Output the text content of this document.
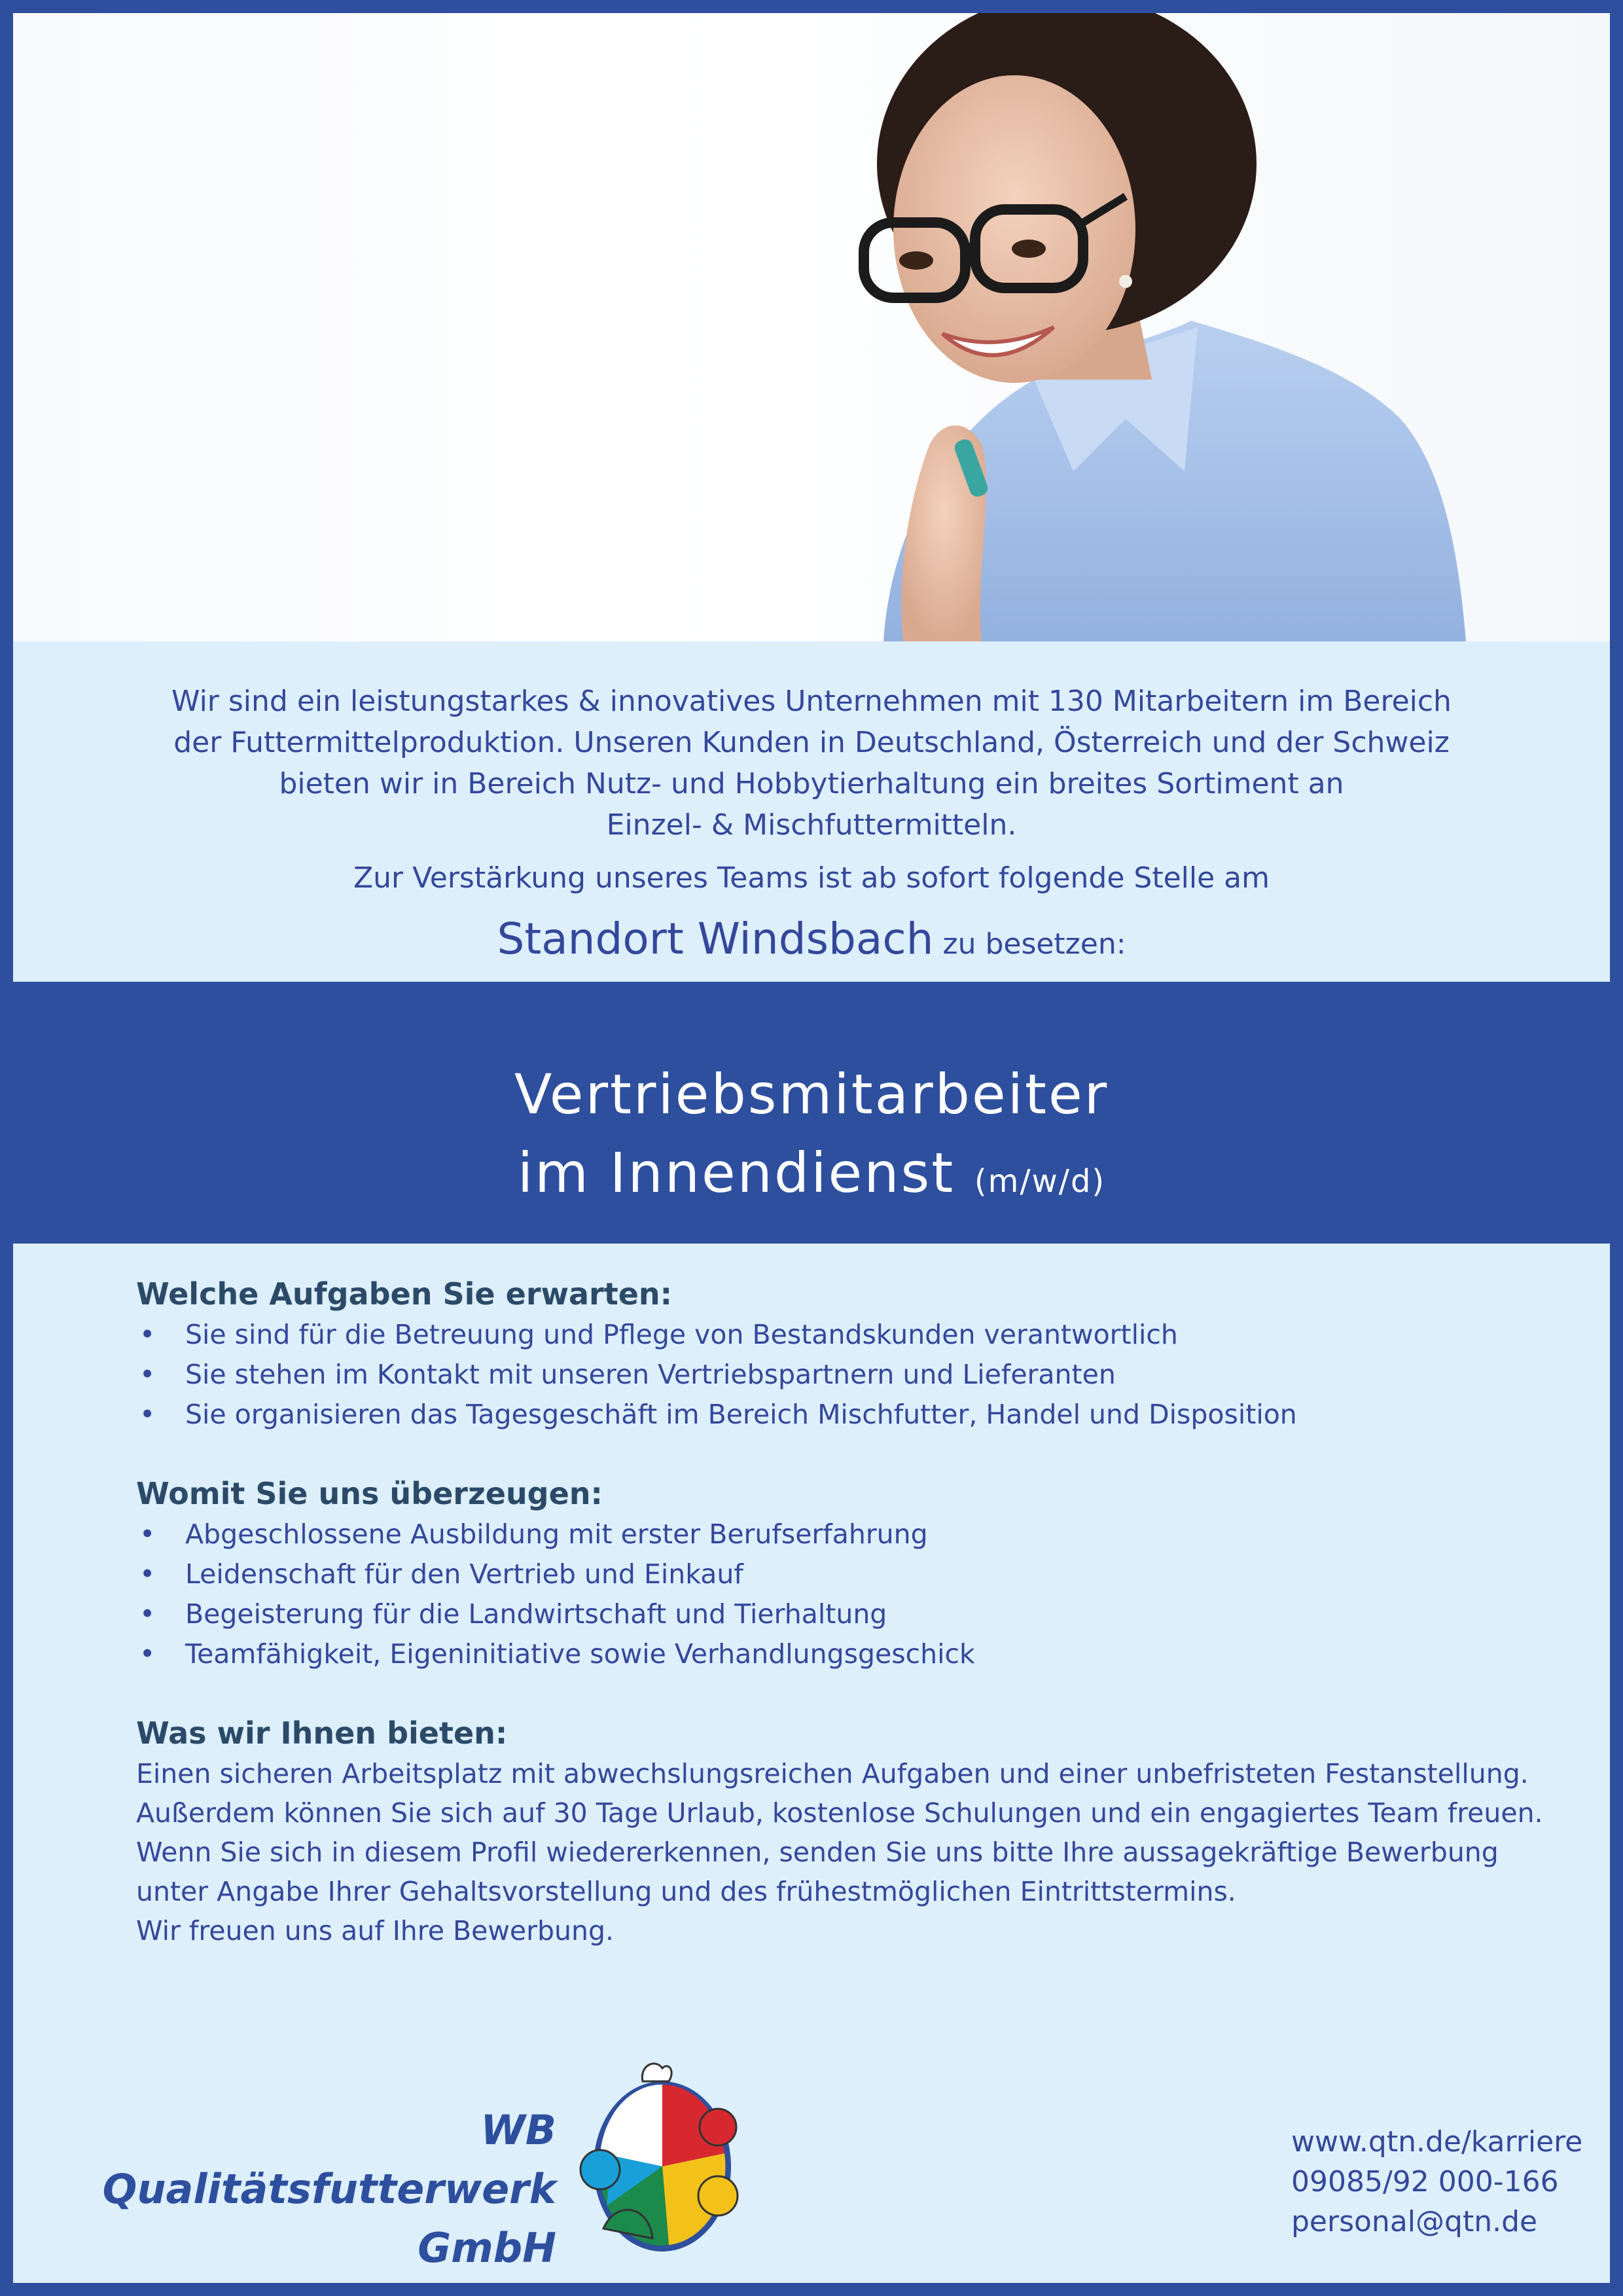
Wir sind ein leistungstarkes & innovatives Unternehmen mit 130 Mitarbeitern im Bereich

der Futtermittelproduktion. Unseren Kunden in Deutschland, Österreich und der Schweiz

bieten wir in Bereich Nutz- und Hobbytierhaltung ein breites Sortiment an

Einzel- & Mischfuttermitteln.

Zur Verstärkung unseres Teams ist ab sofort folgende Stelle am

Standort Windsbach zu besetzen:
Welche Aufgaben Sie erwarten:
• Sie sind für die Betreuung und Pflege von Bestandskunden verantwortlich
• Sie stehen im Kontakt mit unseren Vertriebspartnern und Lieferanten
• Sie organisieren das Tagesgeschäft im Bereich Mischfutter, Handel und Disposition
Womit Sie uns überzeugen:
• Abgeschlossene Ausbildung mit erster Berufserfahrung
• Leidenschaft für den Vertrieb und Einkauf
• Begeisterung für die Landwirtschaft und Tierhaltung
• Teamfähigkeit, Eigeninitiative sowie Verhandlungsgeschick
Was wir Ihnen bieten:

Einen sicheren Arbeitsplatz mit abwechslungsreichen Aufgaben und einer unbefristeten Festanstellung.

Außerdem können Sie sich auf 30 Tage Urlaub, kostenlose Schulungen und ein engagiertes Team freuen.

Wenn Sie sich in diesem Profil wiedererkennen, senden Sie uns bitte Ihre aussagekräftige Bewerbung

unter Angabe Ihrer Gehaltsvorstellung und des frühestmöglichen Eintrittstermins.

Wir freuen uns auf Ihre Bewerbung.

WB Qualitätsfutterwerk
GmbH
www.qtn.de/karriere
09085/92 000-166
personal@qtn.de
Vertriebsmitarbeiter
im Innendienst (m/w/d)
